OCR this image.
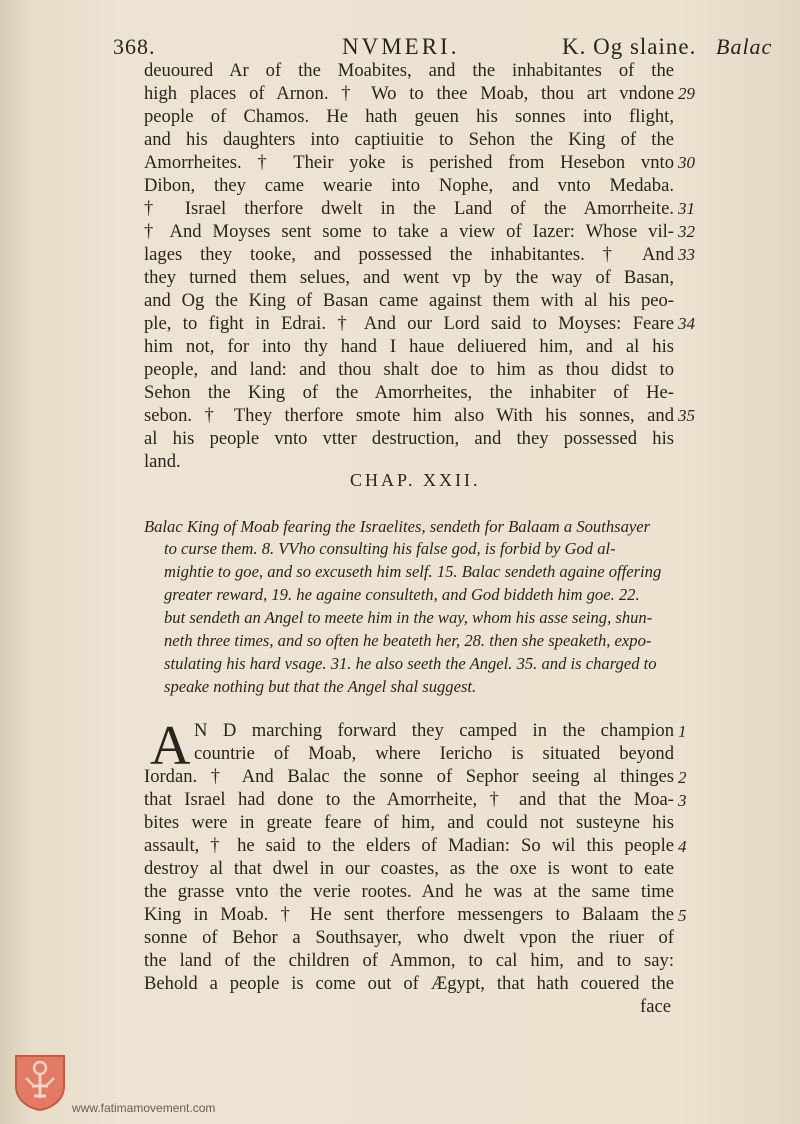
368.	NVMERI.	K. Og slaine. Balac
deuoured Ar of the Moabites, and the inhabitantes of the
high places of Arnon. † Wo to thee Moab, thou art vndone
people of Chamos. He hath geuen his sonnes into flight,
and his daughters into captiuitie to Sehon the King of the
Amorrheites. † Their yoke is perished from Hesebon vnto
Dibon, they came wearie into Nophe, and vnto Medaba.
† Israel therfore dwelt in the Land of the Amorrheite.
† And Moyses sent some to take a view of Iazer: Whose vil-
lages they tooke, and possessed the inhabitantes. † And
they turned them selues, and went vp by the way of Basan,
and Og the King of Basan came against them with al his peo-
ple, to fight in Edrai. † And our Lord said to Moyses: Feare
him not, for into thy hand I haue deliuered him, and al his
people, and land: and thou shalt doe to him as thou didst to
Sehon the King of the Amorrheites, the inhabiter of He-
sebon. † They therfore smote him also With his sonnes, and
al his people vnto vtter destruction, and they possessed his
land.
29
30
31
32
33
34
35
CHAP. XXII.
Balac King of Moab fearing the Israelites, sendeth for Balaam a Southsayer
to curse them. 8. VVho consulting his false god, is forbid by God al-
mightie to goe, and so excuseth him self. 15. Balac sendeth againe offering
greater reward, 19. he againe consulteth, and God biddeth him goe. 22.
but sendeth an Angel to meete him in the way, whom his asse seing, shun-
neth three times, and so often he beateth her, 28. then she speaketh, expo-
stulating his hard vsage. 31. he also seeth the Angel. 35. and is charged to
speake nothing but that the Angel shal suggest.
A N D marching forward they camped in the champion
countrie of Moab, where Iericho is situated beyond
Iordan. † And Balac the sonne of Sephor seeing al thinges
that Israel had done to the Amorrheite, † and that the Moa-
bites were in greate feare of him, and could not susteyne his
assault, † he said to the elders of Madian: So wil this people
destroy al that dwel in our coastes, as the oxe is wont to eate
the grasse vnto the verie rootes. And he was at the same time
King in Moab. † He sent therfore messengers to Balaam the
sonne of Behor a Southsayer, who dwelt vpon the riuer of
the land of the children of Ammon, to cal him, and to say:
Behold a people is come out of Ægypt, that hath couered the
face
1
2
3
4
5
www.fatimamovement.com
